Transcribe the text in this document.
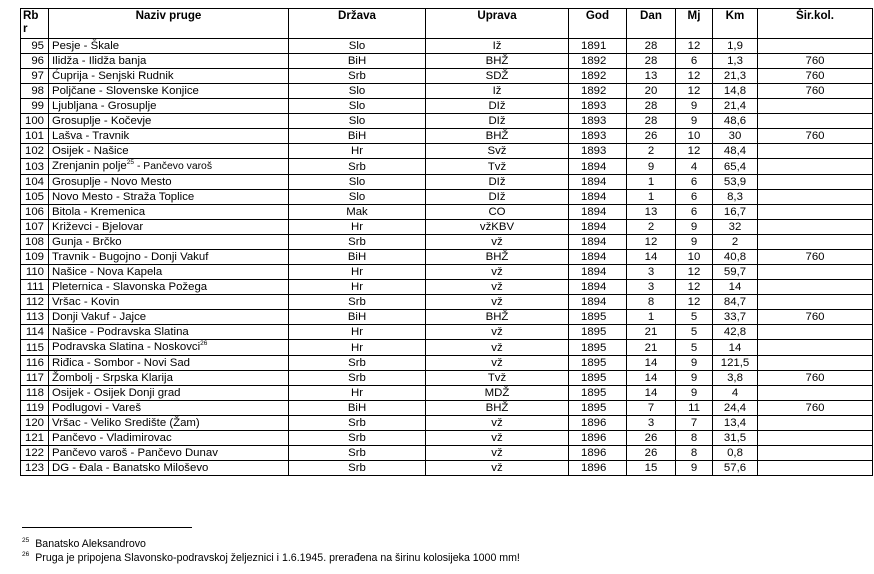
Rb r	Naziv pruge	Država	Uprava	God	Dan	Mj	Km	Šir.kol.
95	Pesje - Škale	Slo	Iž	1891	28	12	1,9	
96	Ilidža - Ilidža banja	BiH	BHŽ	1892	28	6	1,3	760
97	Ćuprija - Senjski Rudnik	Srb	SDŽ	1892	13	12	21,3	760
98	Poljčane - Slovenske Konjice	Slo	Iž	1892	20	12	14,8	760
99	Ljubljana - Grosuplje	Slo	DIž	1893	28	9	21,4	
100	Grosuplje - Kočevje	Slo	DIž	1893	28	9	48,6	
101	Lašva - Travnik	BiH	BHŽ	1893	26	10	30	760
102	Osijek - Našice	Hr	Svž	1893	2	12	48,4	
103	Zrenjanin polje$^{25}$ - Pančevo varoš	Srb	Tvž	1894	9	4	65,4	
104	Grosuplje - Novo Mesto	Slo	DIž	1894	1	6	53,9	
105	Novo Mesto - Straža Toplice	Slo	DIž	1894	1	6	8,3	
106	Bitola - Kremenica	Mak	CO	1894	13	6	16,7	
107	Križevci - Bjelovar	Hr	vžKBV	1894	2	9	32	
108	Gunja - Brčko	Srb	vž	1894	12	9	2	
109	Travnik - Bugojno - Donji Vakuf	BiH	BHŽ	1894	14	10	40,8	760
110	Našice - Nova Kapela	Hr	vž	1894	3	12	59,7	
111	Pleternica - Slavonska Požega	Hr	vž	1894	3	12	14	
112	Vršac - Kovin	Srb	vž	1894	8	12	84,7	
113	Donji Vakuf - Jajce	BiH	BHŽ	1895	1	5	33,7	760
114	Našice - Podravska Slatina	Hr	vž	1895	21	5	42,8	
115	Podravska Slatina - Noskovci$^{26}$	Hr	vž	1895	21	5	14	
116	Riđica - Sombor - Novi Sad	Srb	vž	1895	14	9	121,5	
117	Žombolj - Srpska Klarija	Srb	Tvž	1895	14	9	3,8	760
118	Osijek - Osijek Donji grad	Hr	MDŽ	1895	14	9	4	
119	Podlugovi - Vareš	BiH	BHŽ	1895	7	11	24,4	760
120	Vršac - Veliko Središte (Žam)	Srb	vž	1896	3	7	13,4	
121	Pančevo - Vladimirovac	Srb	vž	1896	26	8	31,5	
122	Pančevo varoš - Pančevo Dunav	Srb	vž	1896	26	8	0,8	
123	DG - Đala - Banatsko Miloševo	Srb	vž	1896	15	9	57,6	
$^{25}$ Banatsko Aleksandrovo
$^{26}$ Pruga je pripojena Slavonsko-podravskoj željeznici i 1.6.1945. prerađena na širinu kolosijeka 1000 mm!
